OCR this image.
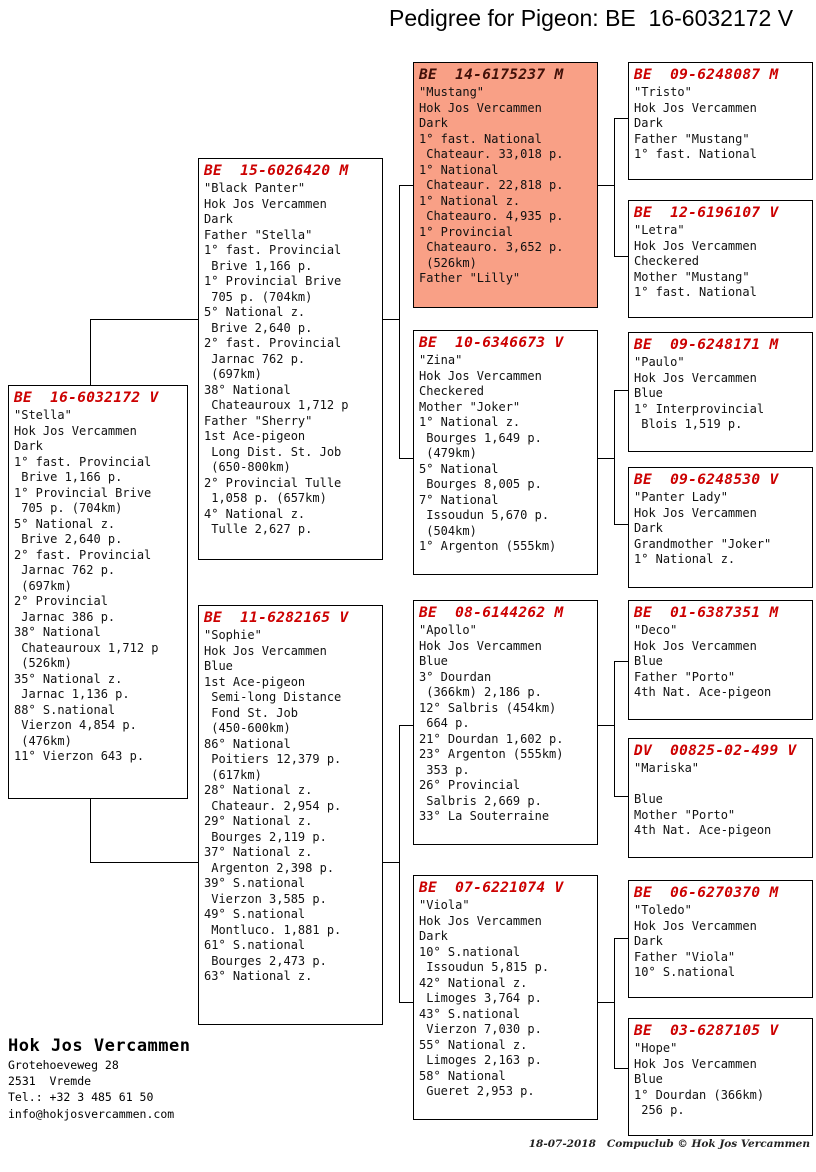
Pedigree for Pigeon: BE  16-6032172 V
BE  16-6032172 V
"Stella"
Hok Jos Vercammen
Dark
1° fast. Provincial
Brive 1,166 p.
1° Provincial Brive
705 p. (704km)
5° National z.
Brive 2,640 p.
2° fast. Provincial
Jarnac 762 p.
(697km)
2° Provincial
Jarnac 386 p.
38° National
Chateauroux 1,712 p
(526km)
35° National z.
Jarnac 1,136 p.
88° S.national
Vierzon 4,854 p.
(476km)
11° Vierzon 643 p.
BE  15-6026420 M
"Black Panter"
Hok Jos Vercammen
Dark
Father "Stella"
1° fast. Provincial
Brive 1,166 p.
1° Provincial Brive
705 p. (704km)
5° National z.
Brive 2,640 p.
2° fast. Provincial
Jarnac 762 p.
(697km)
38° National
Chateauroux 1,712 p
Father "Sherry"
1st Ace-pigeon
Long Dist. St. Job
(650-800km)
2° Provincial Tulle
1,058 p. (657km)
4° National z.
Tulle 2,627 p.
BE  11-6282165 V
"Sophie"
Hok Jos Vercammen
Blue
1st Ace-pigeon
Semi-long Distance
Fond St. Job
(450-600km)
86° National
Poitiers 12,379 p.
(617km)
28° National z.
Chateaur. 2,954 p.
29° National z.
Bourges 2,119 p.
37° National z.
Argenton 2,398 p.
39° S.national
Vierzon 3,585 p.
49° S.national
Montluco. 1,881 p.
61° S.national
Bourges 2,473 p.
63° National z.
BE  14-6175237 M
"Mustang"
Hok Jos Vercammen
Dark
1° fast. National
Chateaur. 33,018 p.
1° National
Chateaur. 22,818 p.
1° National z.
Chateauro. 4,935 p.
1° Provincial
Chateauro. 3,652 p.
(526km)
Father "Lilly"
BE  10-6346673 V
"Zina"
Hok Jos Vercammen
Checkered
Mother "Joker"
1° National z.
Bourges 1,649 p.
(479km)
5° National
Bourges 8,005 p.
7° National
Issoudun 5,670 p.
(504km)
1° Argenton (555km)
BE  08-6144262 M
"Apollo"
Hok Jos Vercammen
Blue
3° Dourdan
(366km) 2,186 p.
12° Salbris (454km)
664 p.
21° Dourdan 1,602 p.
23° Argenton (555km)
353 p.
26° Provincial
Salbris 2,669 p.
33° La Souterraine
BE  07-6221074 V
"Viola"
Hok Jos Vercammen
Dark
10° S.national
Issoudun 5,815 p.
42° National z.
Limoges 3,764 p.
43° S.national
Vierzon 7,030 p.
55° National z.
Limoges 2,163 p.
58° National
Gueret 2,953 p.
BE  09-6248087 M
"Tristo"
Hok Jos Vercammen
Dark
Father "Mustang"
1° fast. National
BE  12-6196107 V
"Letra"
Hok Jos Vercammen
Checkered
Mother "Mustang"
1° fast. National
BE  09-6248171 M
"Paulo"
Hok Jos Vercammen
Blue
1° Interprovincial
Blois 1,519 p.
BE  09-6248530 V
"Panter Lady"
Hok Jos Vercammen
Dark
Grandmother "Joker"
1° National z.
BE  01-6387351 M
"Deco"
Hok Jos Vercammen
Blue
Father "Porto"
4th Nat. Ace-pigeon
DV  00825-02-499 V
"Mariska"

Blue
Mother "Porto"
4th Nat. Ace-pigeon
BE  06-6270370 M
"Toledo"
Hok Jos Vercammen
Dark
Father "Viola"
10° S.national
BE  03-6287105 V
"Hope"
Hok Jos Vercammen
Blue
1° Dourdan (366km)
256 p.
Hok Jos Vercammen
Grotehoeveweg 28
2531  Vremde
Tel.: +32 3 485 61 50
info@hokjosvercammen.com
18-07-2018   Compuclub © Hok Jos Vercammen
